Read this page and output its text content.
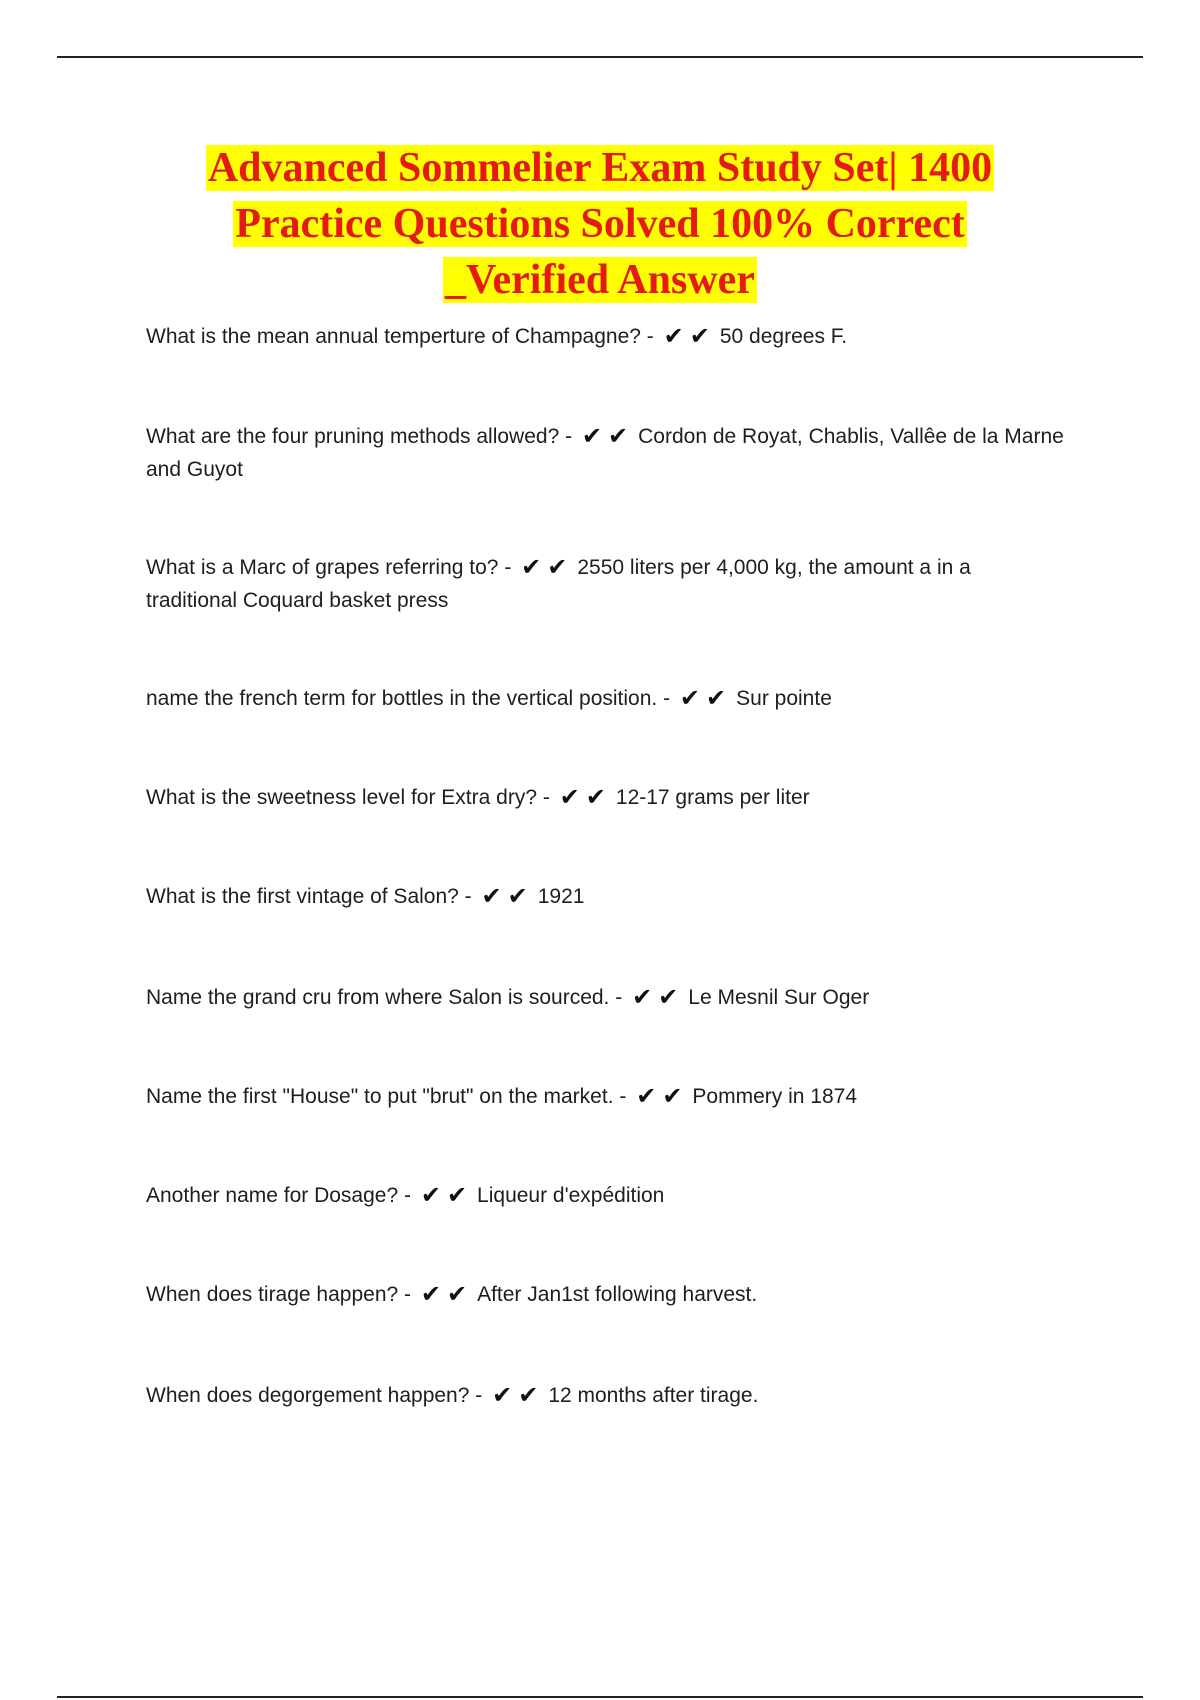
Advanced Sommelier Exam Study Set| 1400
Practice Questions Solved 100% Correct
_Verified Answer
What is the mean annual temperture of Champagne? - ✔✔ 50 degrees F.
What are the four pruning methods allowed? - ✔✔ Cordon de Royat, Chablis, Vallêe de la Marne and Guyot
What is a Marc of grapes referring to? - ✔✔ 2550 liters per 4,000 kg, the amount a in a traditional Coquard basket press
name the french term for bottles in the vertical position. - ✔✔ Sur pointe
What is the sweetness level for Extra dry? - ✔✔ 12-17 grams per liter
What is the first vintage of Salon? - ✔✔ 1921
Name the grand cru from where Salon is sourced. - ✔✔ Le Mesnil Sur Oger
Name the first "House" to put "brut" on the market. - ✔✔ Pommery in 1874
Another name for Dosage? - ✔✔ Liqueur d'expédition
When does tirage happen? - ✔✔ After Jan1st following harvest.
When does degorgement happen? - ✔✔ 12 months after tirage.
